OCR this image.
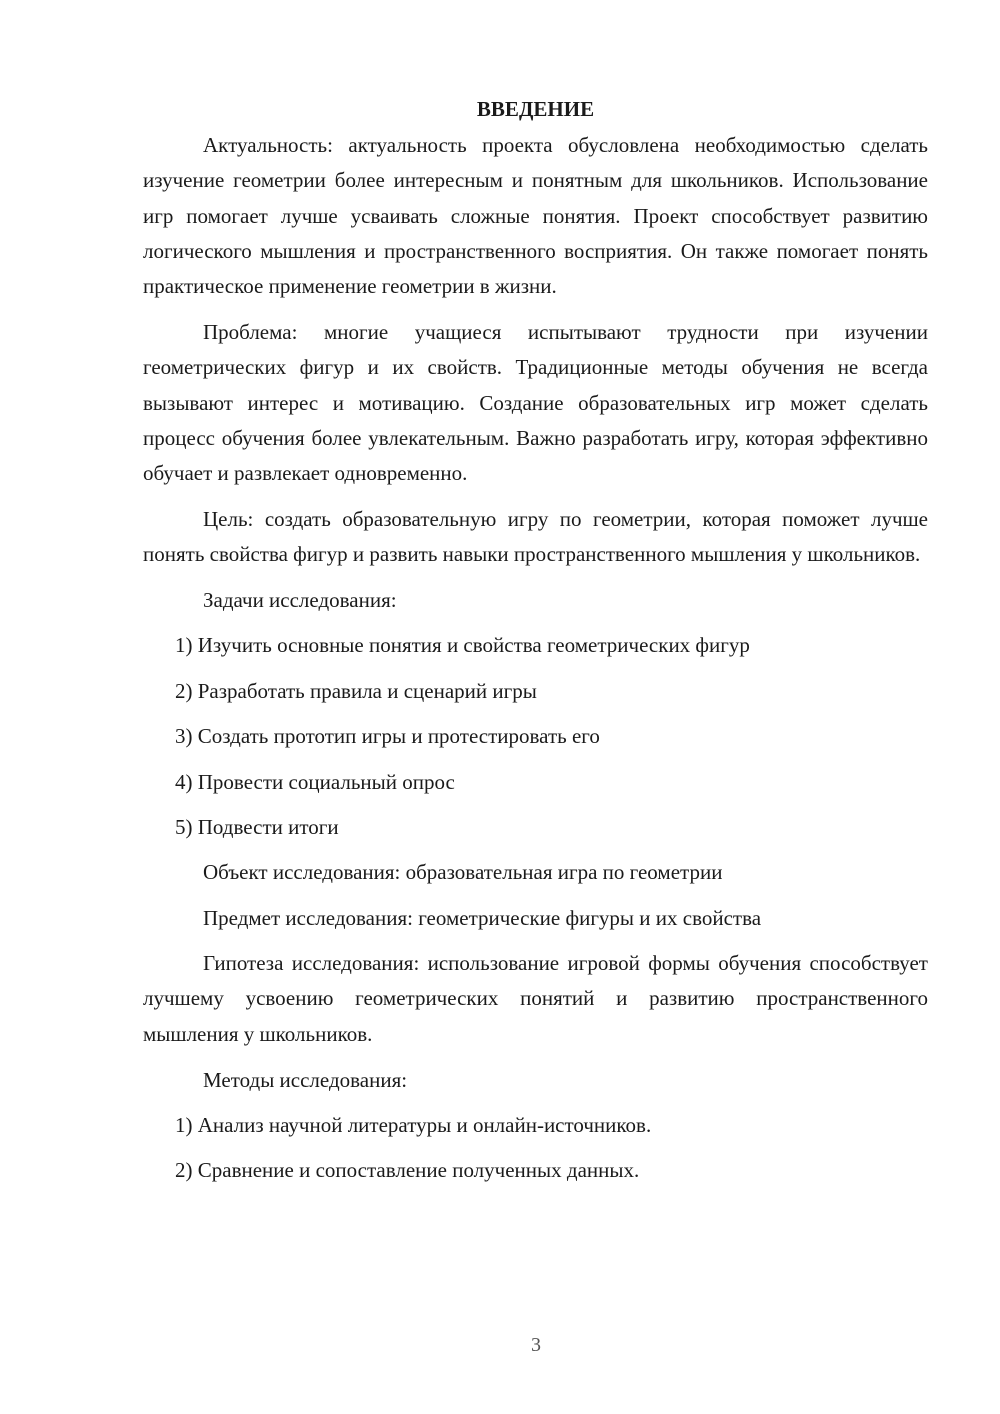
ВВЕДЕНИЕ

Актуальность: актуальность проекта обусловлена необходимостью сделать изучение геометрии более интересным и понятным для школьников. Использование игр помогает лучше усваивать сложные понятия. Проект способствует развитию логического мышления и пространственного восприятия. Он также помогает понять практическое применение геометрии в жизни.

Проблема: многие учащиеся испытывают трудности при изучении геометрических фигур и их свойств. Традиционные методы обучения не всегда вызывают интерес и мотивацию. Создание образовательных игр может сделать процесс обучения более увлекательным. Важно разработать игру, которая эффективно обучает и развлекает одновременно.

Цель: создать образовательную игру по геометрии, которая поможет лучше понять свойства фигур и развить навыки пространственного мышления у школьников.

Задачи исследования:
1) Изучить основные понятия и свойства геометрических фигур
2) Разработать правила и сценарий игры
3) Создать прототип игры и протестировать его
4) Провести социальный опрос
5) Подвести итоги
Объект исследования: образовательная игра по геометрии
Предмет исследования: геометрические фигуры и их свойства

Гипотеза исследования: использование игровой формы обучения способствует лучшему усвоению геометрических понятий и развитию пространственного мышления у школьников.

Методы исследования:
1) Анализ научной литературы и онлайн-источников.
2) Сравнение и сопоставление полученных данных.
3
